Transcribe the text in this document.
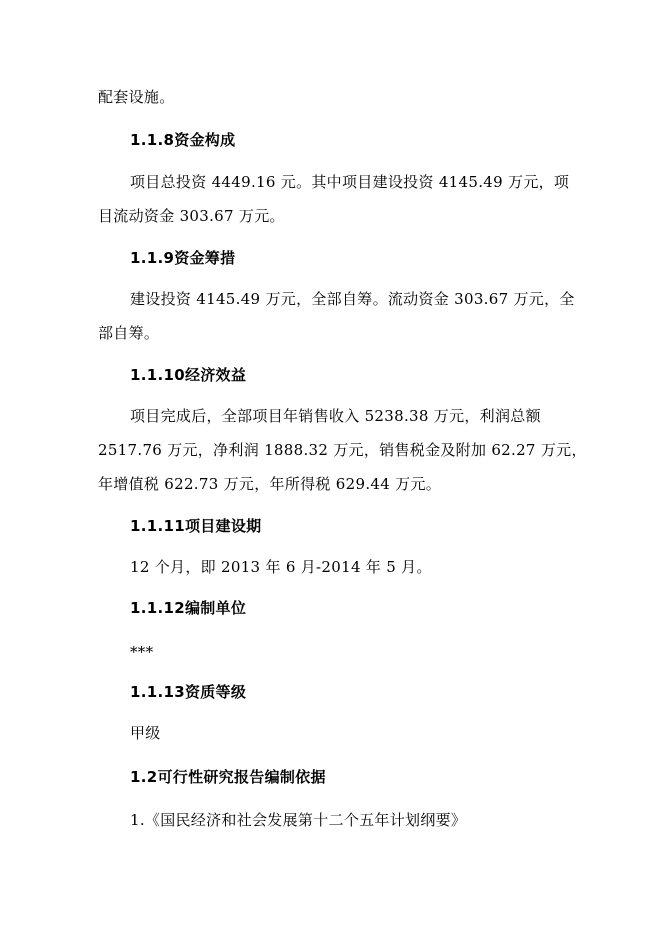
配套设施。
1.1.8资金构成
项目总投资 4449.16 元。其中项目建设投资 4145.49 万元，项
目流动资金 303.67 万元。
1.1.9资金筹措
建设投资 4145.49 万元，全部自筹。流动资金 303.67 万元，全
部自筹。
1.1.10经济效益
项目完成后，全部项目年销售收入 5238.38 万元，利润总额
2517.76 万元，净利润 1888.32 万元，销售税金及附加 62.27 万元，
年增值税 622.73 万元，年所得税 629.44 万元。
1.1.11项目建设期
12 个月，即 2013 年 6 月-2014 年 5 月。
1.1.12编制单位
***
1.1.13资质等级
甲级
1.2可行性研究报告编制依据
1.《国民经济和社会发展第十二个五年计划纲要》
